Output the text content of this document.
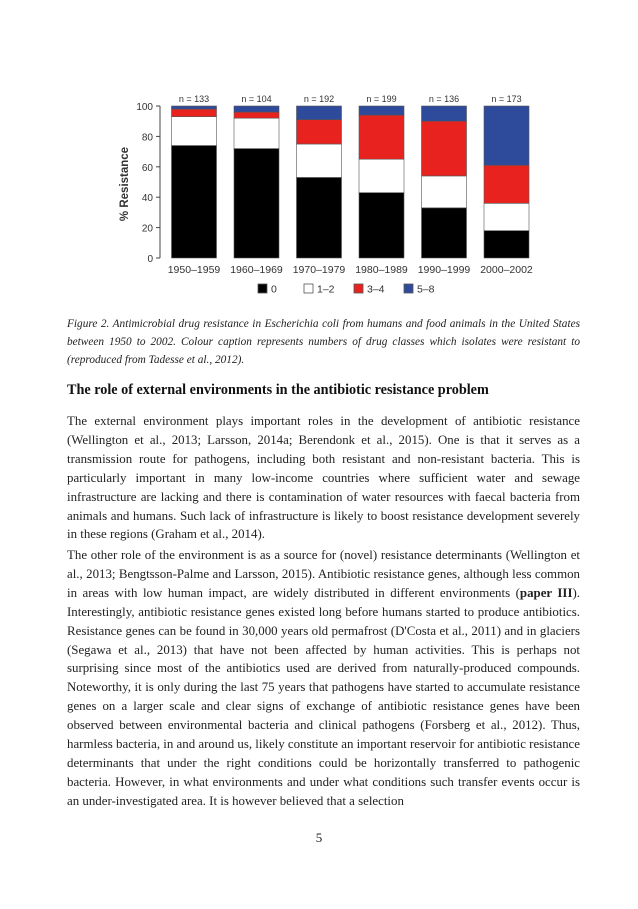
% Resistance
0
20
40
60
80
100
1950–1959 1960–1969 1970–1979 1980–1989 1990–1999 2000–2002
n = 133	n = 104	n = 192	n = 199	n = 136	n = 173
0	1–2	3–4	5–8
Figure 2. Antimicrobial drug resistance in Escherichia coli from humans and food animals in the United States between 1950 to 2002. Colour caption represents numbers of drug classes which isolates were resistant to (reproduced from Tadesse et al., 2012).
The role of external environments in the antibiotic resistance problem

The external environment plays important roles in the development of antibiotic resistance (Wellington et al., 2013; Larsson, 2014a; Berendonk et al., 2015). One is that it serves as a transmission route for pathogens, including both resistant and non-resistant bacteria. This is particularly important in many low-income countries where sufficient water and sewage infrastructure are lacking and there is contamination of water resources with faecal bacteria from animals and humans. Such lack of infrastructure is likely to boost resistance development severely in these regions (Graham et al., 2014).

The other role of the environment is as a source for (novel) resistance determinants (Wellington et al., 2013; Bengtsson-Palme and Larsson, 2015). Antibiotic resistance genes, although less common in areas with low human impact, are widely distributed in different environments (paper III). Interestingly, antibiotic resistance genes existed long before humans started to produce antibiotics. Resistance genes can be found in 30,000 years old permafrost (D'Costa et al., 2011) and in glaciers (Segawa et al., 2013) that have not been affected by human activities. This is perhaps not surprising since most of the antibiotics used are derived from naturally-produced compounds. Noteworthy, it is only during the last 75 years that pathogens have started to accumulate resistance genes on a larger scale and clear signs of exchange of antibiotic resistance genes have been observed between environmental bacteria and clinical pathogens (Forsberg et al., 2012). Thus, harmless bacteria, in and around us, likely constitute an important reservoir for antibiotic resistance determinants that under the right conditions could be horizontally transferred to pathogenic bacteria. However, in what environments and under what conditions such transfer events occur is an under-investigated area. It is however believed that a selection

5
